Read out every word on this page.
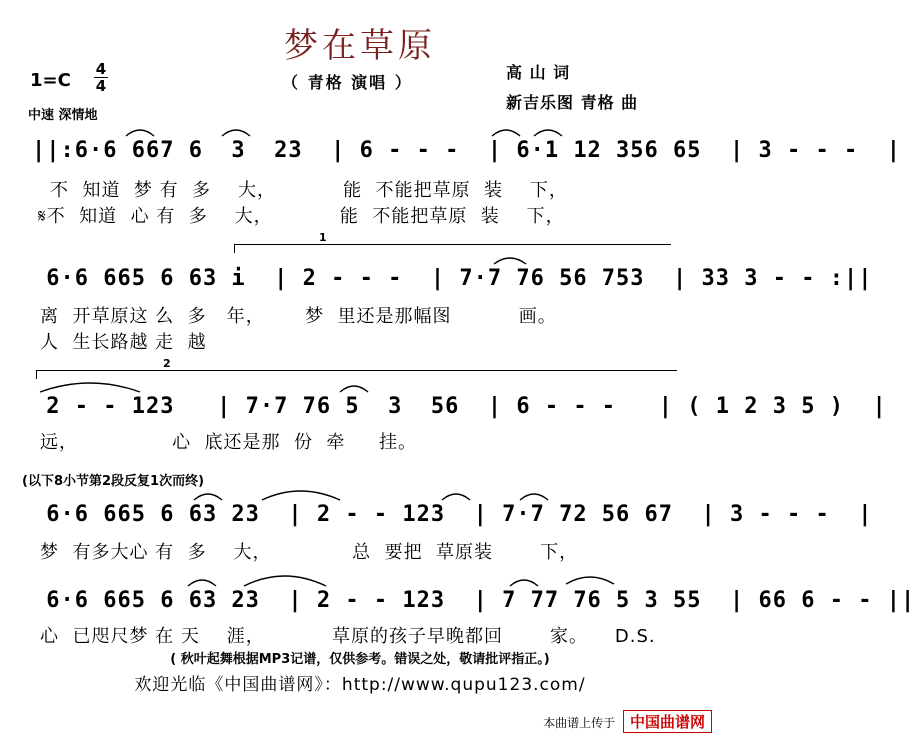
梦在草原
（ 青格 演唱 ）
1=C
4
4
中速 深情地
高 山 词
新吉乐图 青格 曲
||:6·6 667 6  3  23  | 6 - - -  | 6·1 12 356 65  | 3 - - -  |
不  知道  梦 有  多    大，          能  不能把草原  装    下，
𝄋不  知道  心 有  多    大，          能  不能把草原  装    下，
1
6·6 665 6 63 i  | 2 - - -  | 7·7 76 56 753  | 33 3 - - :||
离  开草原这 么  多   年，      梦  里还是那幅图          画。
人  生长路越 走  越
2
2 - - 123   | 7·7 76 5  3  56  | 6 - - -   | ( 1 2 3 5 )  |
远，              心  底还是那  份  牵     挂。
(以下8小节第2段反复1次而终)
6·6 665 6 63 23  | 2 - - 123  | 7·7 72 56 67  | 3 - - -  |
梦  有多大心 有  多    大，            总  要把  草原装       下，
6·6 665 6 63 23  | 2 - - 123  | 7 77 76 5 3 55  | 66 6 - - ||
心  已咫尺梦 在 天    涯，          草原的孩子早晚都回       家。    D.S.
( 秋叶起舞根据MP3记谱，仅供参考。错误之处，敬请批评指正。)
欢迎光临《中国曲谱网》：http://www.qupu123.com/
本曲谱上传于 中国曲谱网
